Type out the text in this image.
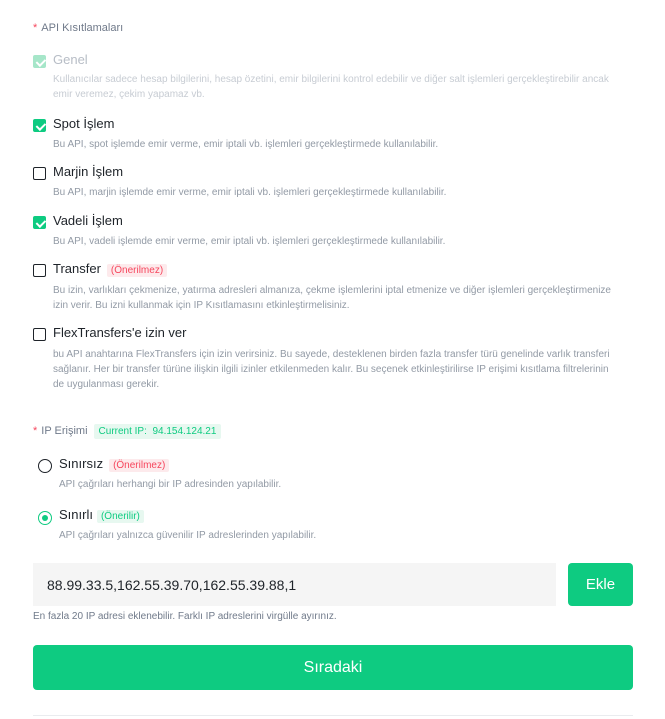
* API Kısıtlamaları
Genel
Kullanıcılar sadece hesap bilgilerini, hesap özetini, emir bilgilerini kontrol edebilir ve diğer salt işlemleri gerçekleştirebilir ancak emir veremez, çekim yapamaz vb.
Spot İşlem
Bu API, spot işlemde emir verme, emir iptali vb. işlemleri gerçekleştirmede kullanılabilir.
Marjin İşlem
Bu API, marjin işlemde emir verme, emir iptali vb. işlemleri gerçekleştirmede kullanılabilir.
Vadeli İşlem
Bu API, vadeli işlemde emir verme, emir iptali vb. işlemleri gerçekleştirmede kullanılabilir.
Transfer (Önerilmez)
Bu izin, varlıkları çekmenize, yatırma adresleri almanıza, çekme işlemlerini iptal etmenize ve diğer işlemleri gerçekleştirmenize izin verir. Bu izni kullanmak için IP Kısıtlamasını etkinleştirmelisiniz.
FlexTransfers'e izin ver
bu API anahtarına FlexTransfers için izin verirsiniz. Bu sayede, desteklenen birden fazla transfer türü genelinde varlık transferi sağlanır. Her bir transfer türüne ilişkin ilgili izinler etkilenmeden kalır. Bu seçenek etkinleştirilirse IP erişimi kısıtlama filtrelerinin de uygulanması gerekir.
* IP Erişimi Current IP: 94.154.124.21
Sınırsız (Önerilmez)
API çağrıları herhangi bir IP adresinden yapılabilir.
Sınırlı (Önerilir)
API çağrıları yalnızca güvenilir IP adreslerinden yapılabilir.
88.99.33.5,162.55.39.70,162.55.39.88,1
Ekle
En fazla 20 IP adresi eklenebilir. Farklı IP adreslerini virgülle ayırınız.
Sıradaki
